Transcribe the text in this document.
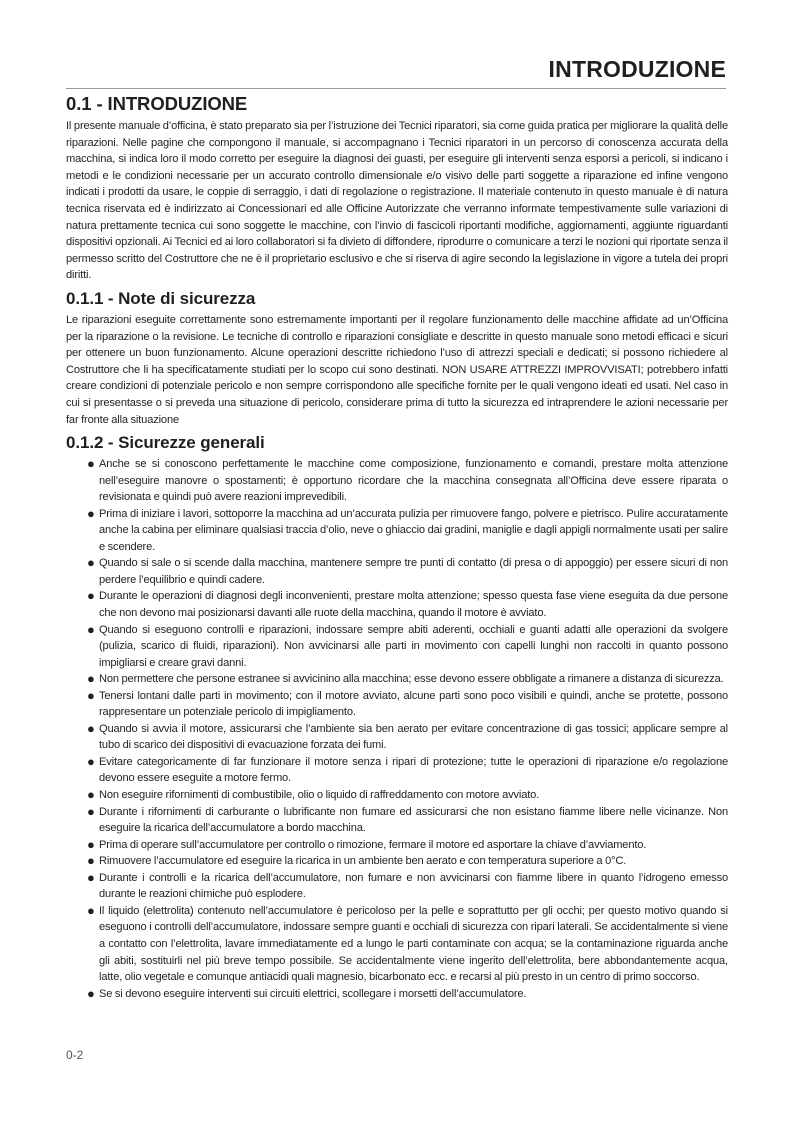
INTRODUZIONE
0.1 - INTRODUZIONE

Il presente manuale d’officina, è stato preparato sia per l’istruzione dei Tecnici riparatori, sia come guida pratica per migliorare la qualità delle riparazioni. Nelle pagine che compongono il manuale, si accompagnano i Tecnici riparatori in un percorso di conoscenza accurata della macchina, si indica loro il modo corretto per eseguire la diagnosi dei guasti, per eseguire gli interventi senza esporsi a pericoli, si indicano i metodi e le condizioni necessarie per un accurato controllo dimensionale e/o visivo delle parti soggette a riparazione ed infine vengono indicati i prodotti da usare, le coppie di serraggio, i dati di regolazione o registrazione. Il materiale contenuto in questo manuale è di natura tecnica riservata ed è indirizzato ai Concessionari ed alle Officine Autorizzate che verranno informate tempestivamente sulle variazioni di natura prettamente tecnica cui sono soggette le macchine, con l’invio di fascicoli riportanti modifiche, aggiornamenti, aggiunte riguardanti dispositivi opzionali. Ai Tecnici ed ai loro collaboratori si fa divieto di diffondere, riprodurre o comunicare a terzi le nozioni qui riportate senza il permesso scritto del Costruttore che ne è il proprietario esclusivo e che si riserva di agire secondo la legislazione in vigore a tutela dei propri diritti.

0.1.1 - Note di sicurezza

Le riparazioni eseguite correttamente sono estremamente importanti per il regolare funzionamento delle macchine affidate ad un’Officina per la riparazione o la revisione. Le tecniche di controllo e riparazioni consigliate e descritte in questo manuale sono metodi efficaci e sicuri per ottenere un buon funzionamento. Alcune operazioni descritte richiedono l’uso di attrezzi speciali e dedicati; si possono richiedere al Costruttore che li ha specificatamente studiati per lo scopo cui sono destinati. NON USARE ATTREZZI IMPROVVISATI; potrebbero infatti creare condizioni di potenziale pericolo e non sempre corrispondono alle specifiche fornite per le quali vengono ideati ed usati. Nel caso in cui si presentasse o si preveda una situazione di pericolo, considerare prima di tutto la sicurezza ed intraprendere le azioni necessarie per far fronte alla situazione

0.1.2 - Sicurezze generali
● Anche se si conoscono perfettamente le macchine come composizione, funzionamento e comandi, prestare molta attenzione nell’eseguire manovre o spostamenti; è opportuno ricordare che la macchina consegnata all’Officina deve essere riparata o revisionata e quindi può avere reazioni imprevedibili.
● Prima di iniziare i lavori, sottoporre la macchina ad un’accurata pulizia per rimuovere fango, polvere e pietrisco. Pulire accuratamente anche la cabina per eliminare qualsiasi traccia d’olio, neve o ghiaccio dai gradini, maniglie e dagli appigli normalmente usati per salire e scendere.
● Quando si sale o si scende dalla macchina, mantenere sempre tre punti di contatto (di presa o di appoggio) per essere sicuri di non perdere l’equilibrio e quindi cadere.
● Durante le operazioni di diagnosi degli inconvenienti, prestare molta attenzione; spesso questa fase viene eseguita da due persone che non devono mai posizionarsi davanti alle ruote della macchina, quando il motore è avviato.
● Quando si eseguono controlli e riparazioni, indossare sempre abiti aderenti, occhiali e guanti adatti alle operazioni da svolgere (pulizia, scarico di fluidi, riparazioni). Non avvicinarsi alle parti in movimento con capelli lunghi non raccolti in quanto possono impigliarsi e creare gravi danni.
● Non permettere che persone estranee si avvicinino alla macchina; esse devono essere obbligate a rimanere a distanza di sicurezza.
● Tenersi lontani dalle parti in movimento; con il motore avviato, alcune parti sono poco visibili e quindi, anche se protette, possono rappresentare un potenziale pericolo di impigliamento.
● Quando si avvia il motore, assicurarsi che l’ambiente sia ben aerato per evitare concentrazione di gas tossici; applicare sempre al tubo di scarico dei dispositivi di evacuazione forzata dei fumi.
● Evitare categoricamente di far funzionare il motore senza i ripari di protezione; tutte le operazioni di riparazione e/o regolazione devono essere eseguite a motore fermo.
● Non eseguire rifornimenti di combustibile, olio o liquido di raffreddamento con motore avviato.
● Durante i rifornimenti di carburante o lubrificante non fumare ed assicurarsi che non esistano fiamme libere nelle vicinanze. Non eseguire la ricarica dell’accumulatore a bordo macchina.
● Prima di operare sull’accumulatore per controllo o rimozione, fermare il motore ed asportare la chiave d’avviamento.
● Rimuovere l’accumulatore ed eseguire la ricarica in un ambiente ben aerato e con temperatura superiore a 0°C.
● Durante i controlli e la ricarica dell’accumulatore, non fumare e non avvicinarsi con fiamme libere in quanto l’idrogeno emesso durante le reazioni chimiche può esplodere.
● Il liquido (elettrolita) contenuto nell’accumulatore è pericoloso per la pelle e soprattutto per gli occhi; per questo motivo quando si eseguono i controlli dell’accumulatore, indossare sempre guanti e occhiali di sicurezza con ripari laterali. Se accidentalmente si viene a contatto con l’elettrolita, lavare immediatamente ed a lungo le parti contaminate con acqua; se la contaminazione riguarda anche gli abiti, sostituirli nel più breve tempo possibile. Se accidentalmente viene ingerito dell’elettrolita, bere abbondantemente acqua, latte, olio vegetale e comunque antiacidi quali magnesio, bicarbonato ecc. e recarsi al più presto in un centro di primo soccorso.
● Se si devono eseguire interventi sui circuiti elettrici, scollegare i morsetti dell’accumulatore.
0-2
